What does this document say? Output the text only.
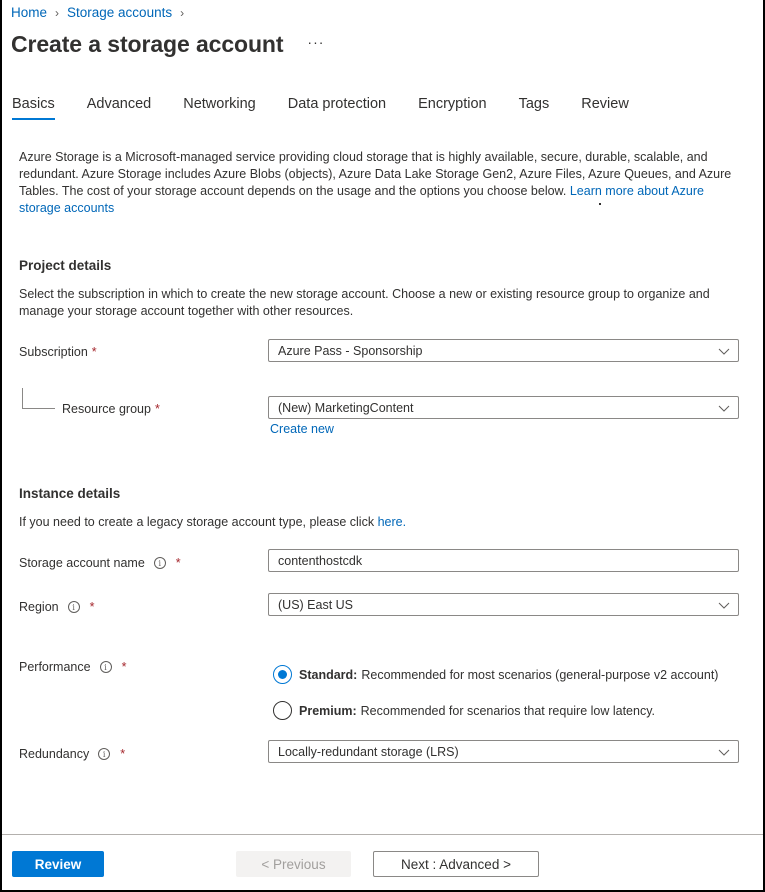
Home › Storage accounts ›
Create a storage account ···
Basics Advanced Networking Data protection Encryption Tags Review
Azure Storage is a Microsoft-managed service providing cloud storage that is highly available, secure, durable, scalable, and redundant. Azure Storage includes Azure Blobs (objects), Azure Data Lake Storage Gen2, Azure Files, Azure Queues, and Azure Tables. The cost of your storage account depends on the usage and the options you choose below. Learn more about Azure storage accounts
Project details
Select the subscription in which to create the new storage account. Choose a new or existing resource group to organize and manage your storage account together with other resources.
Subscription *	Azure Pass - Sponsorship
Resource group *	(New) MarketingContent
Create new
Instance details
If you need to create a legacy storage account type, please click here.
Storage account name	i	*	contenthostcdk
Region	i	*	(US) East US
Performance	i	*
Standard: Recommended for most scenarios (general-purpose v2 account)
Premium: Recommended for scenarios that require low latency.
Redundancy	i	*	Locally-redundant storage (LRS)
Review	< Previous	Next : Advanced >
